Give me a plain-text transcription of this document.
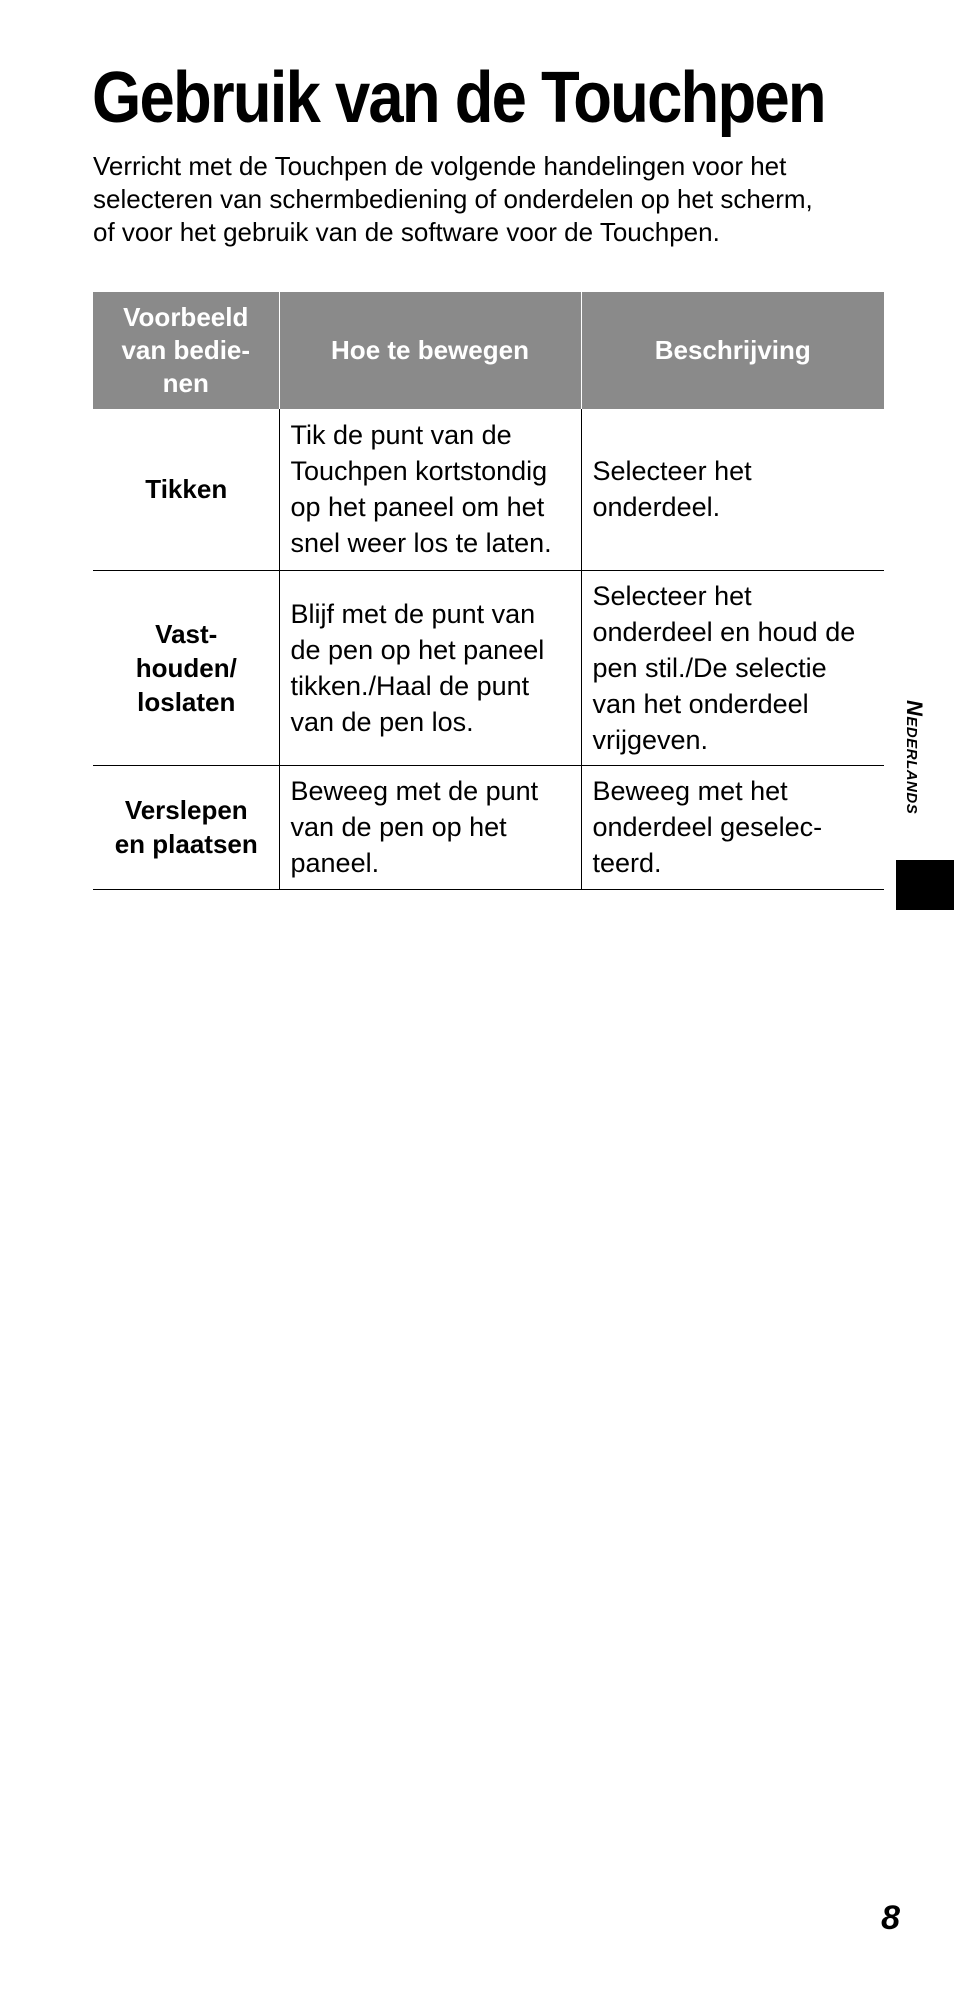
Gebruik van de Touchpen
Verricht met de Touchpen de volgende handelingen voor het
selecteren van schermbediening of onderdelen op het scherm,
of voor het gebruik van de software voor de Touchpen.
Voorbeeld
van bedie-
nen	Hoe te bewegen	Beschrijving

Tikken	Tik de punt van de
Touchpen kortstondig
op het paneel om het
snel weer los te laten.	Selecteer het
onderdeel.

Vast-
houden/
loslaten	Blijf met de punt van
de pen op het paneel
tikken./Haal de punt
van de pen los.	Selecteer het
onderdeel en houd de
pen stil./De selectie
van het onderdeel
vrijgeven.

Verslepen
en plaatsen	Beweeg met de punt
van de pen op het
paneel.	Beweeg met het
onderdeel geselec-
teerd.
Nederlands
8
